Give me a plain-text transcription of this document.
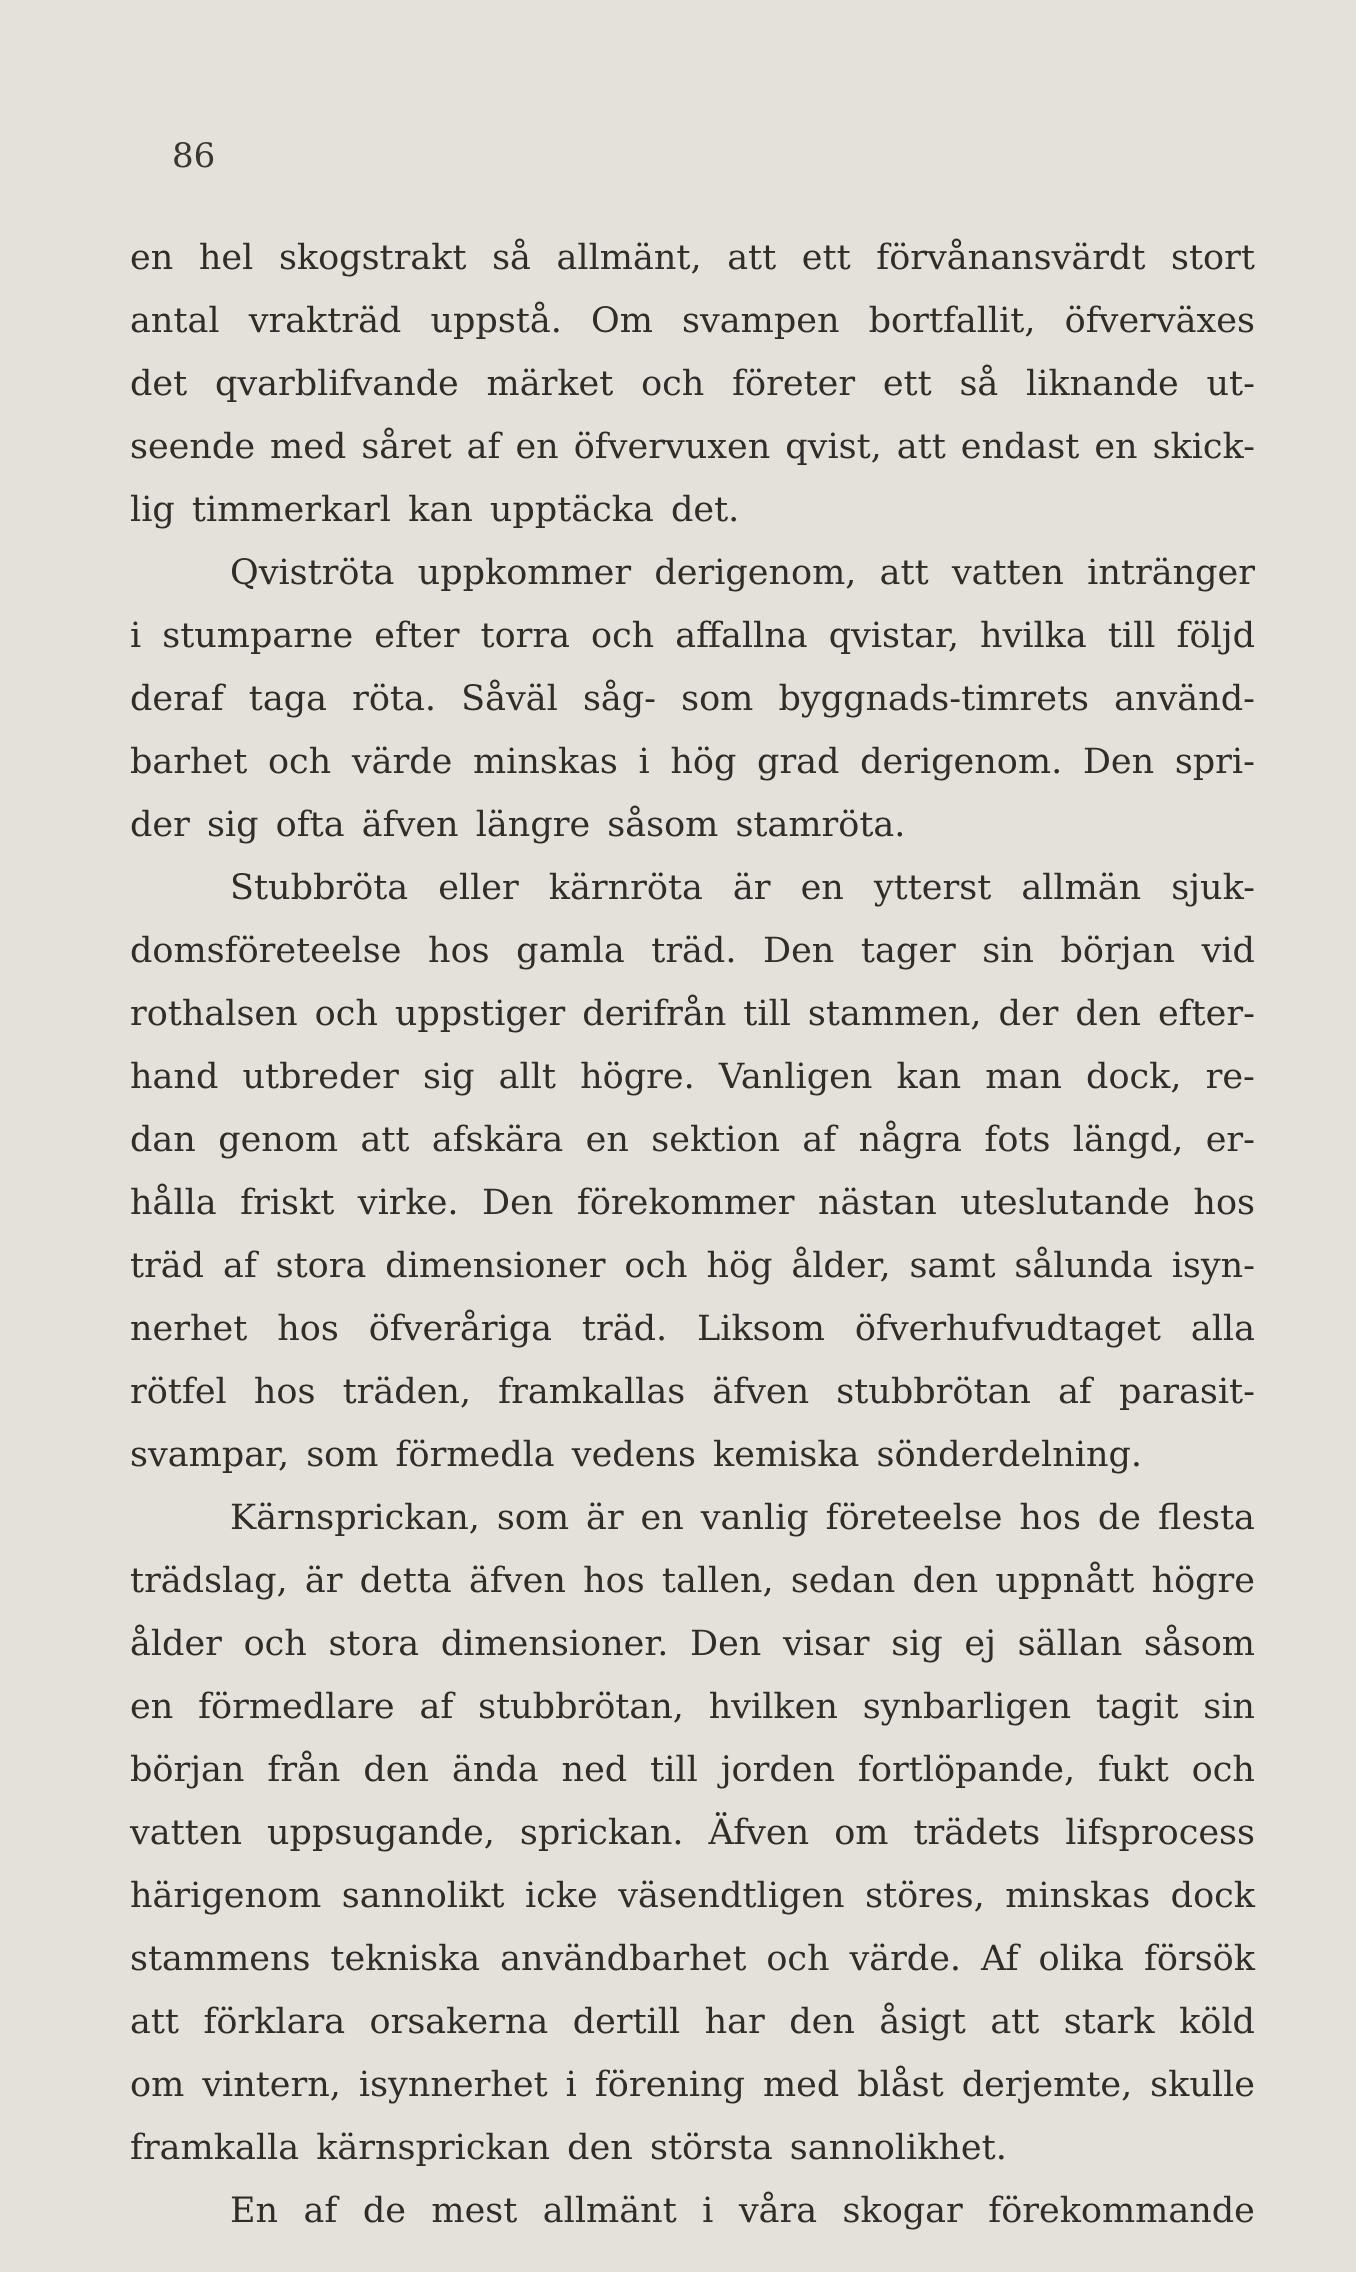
86
en hel skogstrakt så allmänt, att ett förvånansvärdt stort
antal vrakträd uppstå. Om svampen bortfallit, öfverväxes
det qvarblifvande märket och företer ett så liknande ut-
seende med såret af en öfvervuxen qvist, att endast en skick-
lig timmerkarl kan upptäcka det.
Qviströta uppkommer derigenom, att vatten intränger
i stumparne efter torra och affallna qvistar, hvilka till följd
deraf taga röta. Såväl såg- som byggnads-timrets använd-
barhet och värde minskas i hög grad derigenom. Den spri-
der sig ofta äfven längre såsom stamröta.
Stubbröta eller kärnröta är en ytterst allmän sjuk-
domsföreteelse hos gamla träd. Den tager sin början vid
rothalsen och uppstiger derifrån till stammen, der den efter-
hand utbreder sig allt högre. Vanligen kan man dock, re-
dan genom att afskära en sektion af några fots längd, er-
hålla friskt virke. Den förekommer nästan uteslutande hos
träd af stora dimensioner och hög ålder, samt sålunda isyn-
nerhet hos öfveråriga träd. Liksom öfverhufvudtaget alla
rötfel hos träden, framkallas äfven stubbrötan af parasit-
svampar, som förmedla vedens kemiska sönderdelning.
Kärnsprickan, som är en vanlig företeelse hos de flesta
trädslag, är detta äfven hos tallen, sedan den uppnått högre
ålder och stora dimensioner. Den visar sig ej sällan såsom
en förmedlare af stubbrötan, hvilken synbarligen tagit sin
början från den ända ned till jorden fortlöpande, fukt och
vatten uppsugande, sprickan. Äfven om trädets lifsprocess
härigenom sannolikt icke väsendtligen störes, minskas dock
stammens tekniska användbarhet och värde. Af olika försök
att förklara orsakerna dertill har den åsigt att stark köld
om vintern, isynnerhet i förening med blåst derjemte, skulle
framkalla kärnsprickan den största sannolikhet.
En af de mest allmänt i våra skogar förekommande
